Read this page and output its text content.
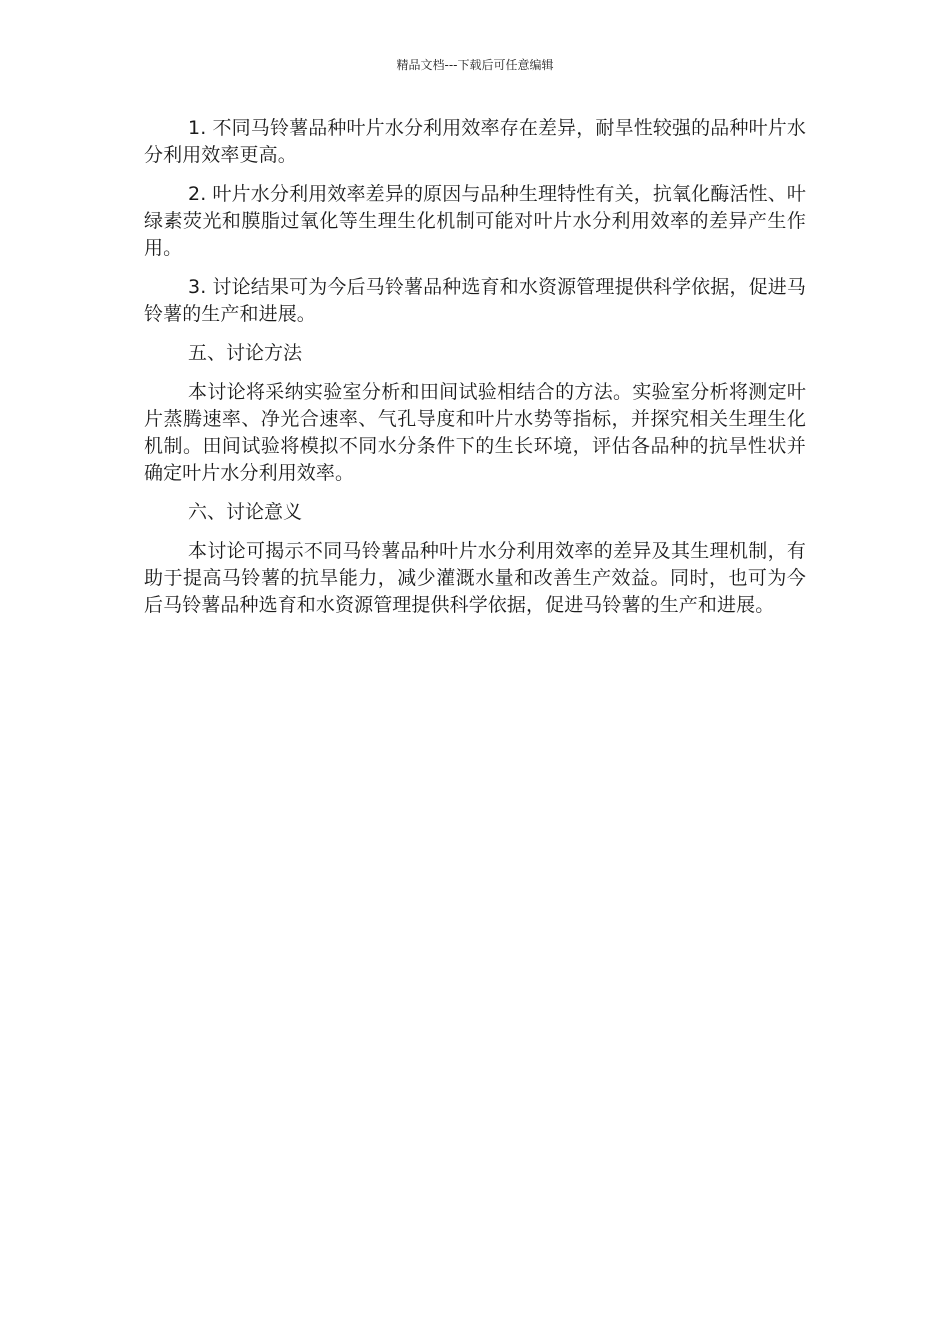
精品文档---下载后可任意编辑

1. 不同马铃薯品种叶片水分利用效率存在差异，耐旱性较强的品种叶片水分利用效率更高。

2. 叶片水分利用效率差异的原因与品种生理特性有关，抗氧化酶活性、叶绿素荧光和膜脂过氧化等生理生化机制可能对叶片水分利用效率的差异产生作用。

3. 讨论结果可为今后马铃薯品种选育和水资源管理提供科学依据，促进马铃薯的生产和进展。

五、讨论方法

本讨论将采纳实验室分析和田间试验相结合的方法。实验室分析将测定叶片蒸腾速率、净光合速率、气孔导度和叶片水势等指标，并探究相关生理生化机制。田间试验将模拟不同水分条件下的生长环境，评估各品种的抗旱性状并确定叶片水分利用效率。

六、讨论意义

本讨论可揭示不同马铃薯品种叶片水分利用效率的差异及其生理机制，有助于提高马铃薯的抗旱能力，减少灌溉水量和改善生产效益。同时，也可为今后马铃薯品种选育和水资源管理提供科学依据，促进马铃薯的生产和进展。
